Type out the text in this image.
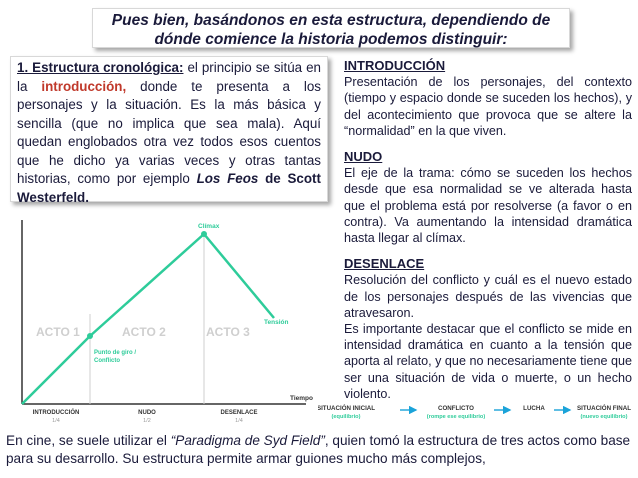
Pues bien, basándonos en esta estructura, dependiendo de
dónde comience la historia podemos distinguir:
1. Estructura cronológica: el principio se sitúa en la introducción, donde te presenta a los personajes y la situación. Es la más básica y sencilla (que no implica que sea mala). Aquí quedan englobados otra vez todos esos cuentos que he dicho ya varias veces y otras tantas historias, como por ejemplo Los Feos de Scott Westerfeld.

INTRODUCCIÓN

Presentación de los personajes, del contexto (tiempo y espacio donde se suceden los hechos), y del acontecimiento que provoca que se altere la “normalidad” en la que viven.

NUDO

El eje de la trama: cómo se suceden los hechos desde que esa normalidad se ve alterada hasta que el problema está por resolverse (a favor o en contra). Va aumentando la intensidad dramática hasta llegar al clímax.

DESENLACE

Resolución del conflicto y cuál es el nuevo estado de los personajes después de las vivencias que atravesaron.

Es importante destacar que el conflicto se mide en intensidad dramática en cuanto a la tensión que aporta al relato, y que no necesariamente tiene que ser una situación de vida o muerte, o un hecho violento.

Clímax
Tensión
Tiempo
Punto de giro /
Conflicto
ACTO 1	ACTO 2	ACTO 3
INTRODUCCIÓN
1/4
NUDO
1/2
DESENLACE
1/4
SITUACIÓN INICIAL
(equilibrio)
CONFLICTO
(rompe ese equilibrio)
LUCHA	SITUACIÓN FINAL
(nuevo equilibrio)
En cine, se suele utilizar el “Paradigma de Syd Field”, quien tomó la estructura de tres actos como base para su desarrollo. Su estructura permite armar guiones mucho más complejos,
